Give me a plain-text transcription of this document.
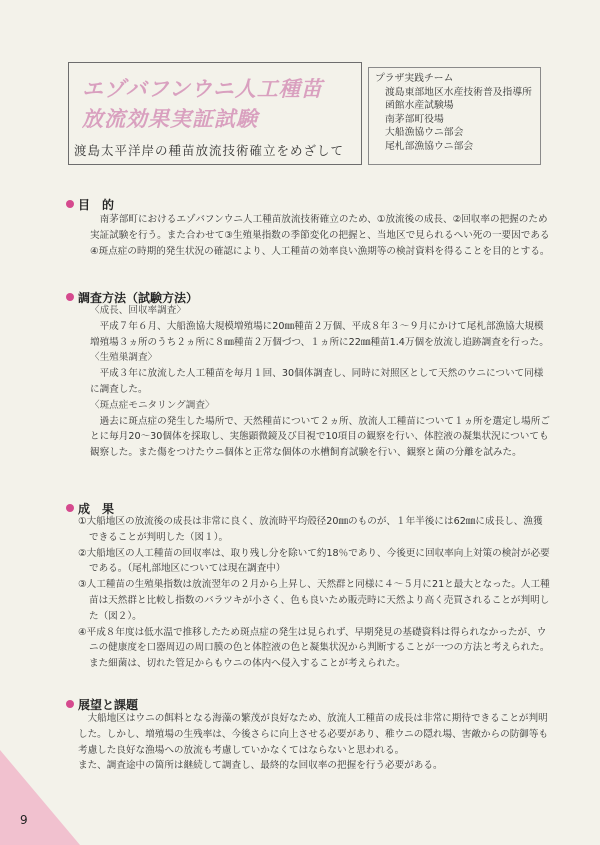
エゾバフンウニ人工種苗
放流効果実証試験
渡島太平洋岸の種苗放流技術確立をめざして
プラザ実践チーム
渡島東部地区水産技術普及指導所
函館水産試験場
南茅部町役場
大船漁協ウニ部会
尾札部漁協ウニ部会
目　的

南茅部町におけるエゾバフンウニ人工種苗放流技術確立のため、①放流後の成長、②回収率の把握のため実証試験を行う。また合わせて③生殖巣指数の季節変化の把握と、当地区で見られるへい死の一要因である④斑点症の時期的発生状況の確認により、人工種苗の効率良い漁期等の検討資料を得ることを目的とする。

調査方法（試験方法）

〈成長、回収率調査〉

平成７年６月、大船漁協大規模増殖場に20㎜種苗２万個、平成８年３～９月にかけて尾札部漁協大規模増殖場３ヵ所のうち２ヵ所に８㎜種苗２万個づつ、１ヵ所に22㎜種苗1.4万個を放流し追跡調査を行った。

〈生殖巣調査〉

平成３年に放流した人工種苗を毎月１回、30個体調査し、同時に対照区として天然のウニについて同様に調査した。

〈斑点症モニタリング調査〉

過去に斑点症の発生した場所で、天然種苗について２ヵ所、放流人工種苗について１ヵ所を選定し場所ごとに毎月20～30個体を採取し、実態顕微鏡及び目視で10項目の観察を行い、体腔液の凝集状況についても観察した。また傷をつけたウニ個体と正常な個体の水槽飼育試験を行い、観察と菌の分離を試みた。

成　果

①大船地区の放流後の成長は非常に良く、放流時平均殻径20㎜のものが、１年半後には62㎜に成長し、漁獲できることが判明した（図１）。

②大船地区の人工種苗の回収率は、取り残し分を除いて約18％であり、今後更に回収率向上対策の検討が必要である。（尾札部地区については現在調査中）

③人工種苗の生殖巣指数は放流翌年の２月から上昇し、天然群と同様に４～５月に21と最大となった。人工種苗は天然群と比較し指数のバラツキが小さく、色も良いため販売時に天然より高く売買されることが判明した（図２）。

④平成８年度は低水温で推移したため斑点症の発生は見られず、早期発見の基礎資料は得られなかったが、ウニの健康度を口器周辺の周口膜の色と体腔液の色と凝集状況から判断することが一つの方法と考えられた。また細菌は、切れた管足からもウニの体内へ侵入することが考えられた。

展望と課題

大船地区はウニの餌料となる海藻の繁茂が良好なため、放流人工種苗の成長は非常に期待できることが判明した。しかし、増殖場の生残率は、今後さらに向上させる必要があり、稚ウニの隠れ場、害敵からの防御等も考慮した良好な漁場への放流も考慮していかなくてはならないと思われる。

また、調査途中の箇所は継続して調査し、最終的な回収率の把握を行う必要がある。

9
